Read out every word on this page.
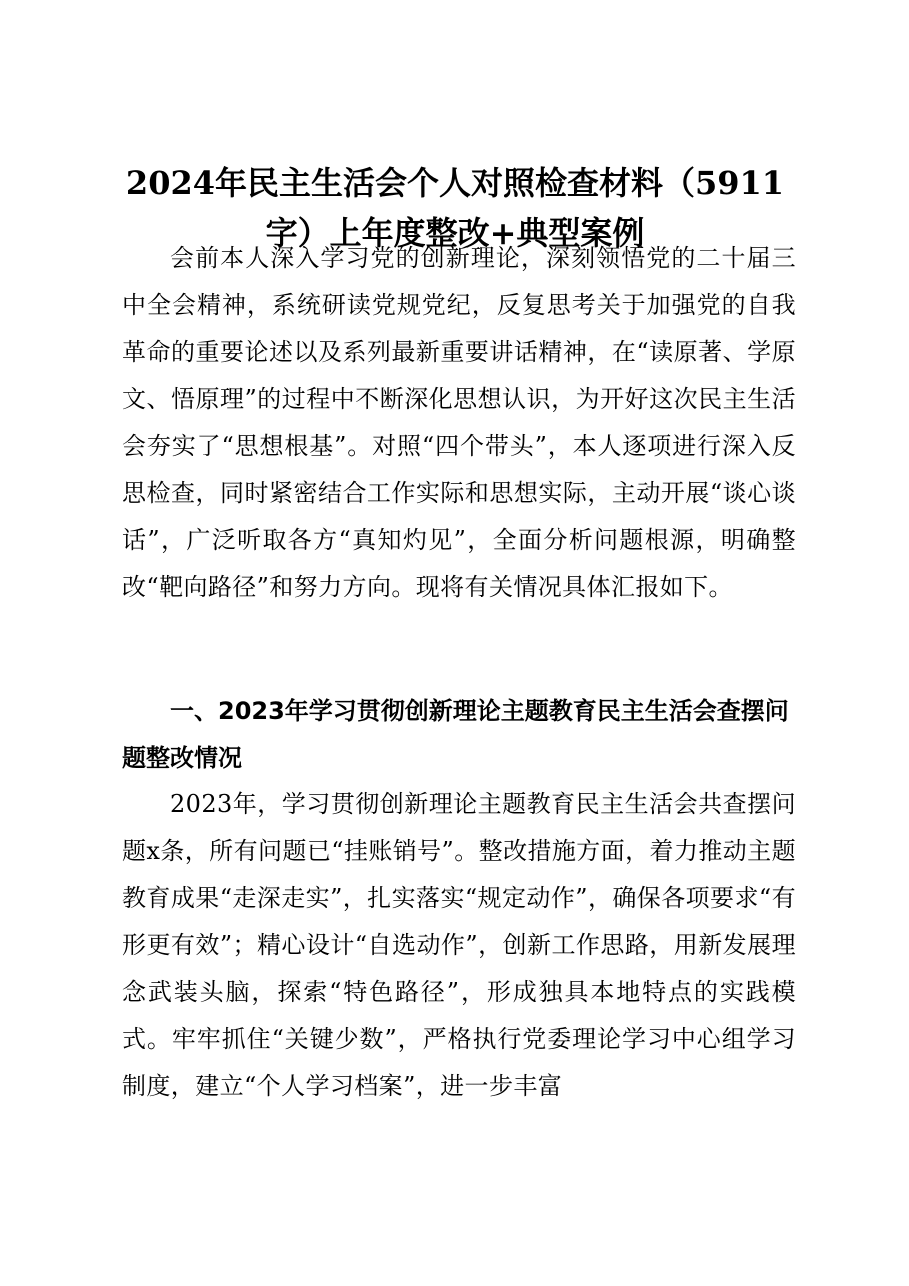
2024年民主生活会个人对照检查材料（5911字）上年度整改+典型案例

会前本人深入学习党的创新理论，深刻领悟党的二十届三中全会精神，系统研读党规党纪，反复思考关于加强党的自我革命的重要论述以及系列最新重要讲话精神，在“读原著、学原文、悟原理”的过程中不断深化思想认识，为开好这次民主生活会夯实了“思想根基”。对照“四个带头”，本人逐项进行深入反思检查，同时紧密结合工作实际和思想实际，主动开展“谈心谈话”，广泛听取各方“真知灼见”，全面分析问题根源，明确整改“靶向路径”和努力方向。现将有关情况具体汇报如下。

一、2023年学习贯彻创新理论主题教育民主生活会查摆问题整改情况

2023年，学习贯彻创新理论主题教育民主生活会共查摆问题x条，所有问题已“挂账销号”。整改措施方面，着力推动主题教育成果“走深走实”，扎实落实“规定动作”，确保各项要求“有形更有效”；精心设计“自选动作”，创新工作思路，用新发展理念武装头脑，探索“特色路径”，形成独具本地特点的实践模式。牢牢抓住“关键少数”，严格执行党委理论学习中心组学习制度，建立“个人学习档案”，进一步丰富
